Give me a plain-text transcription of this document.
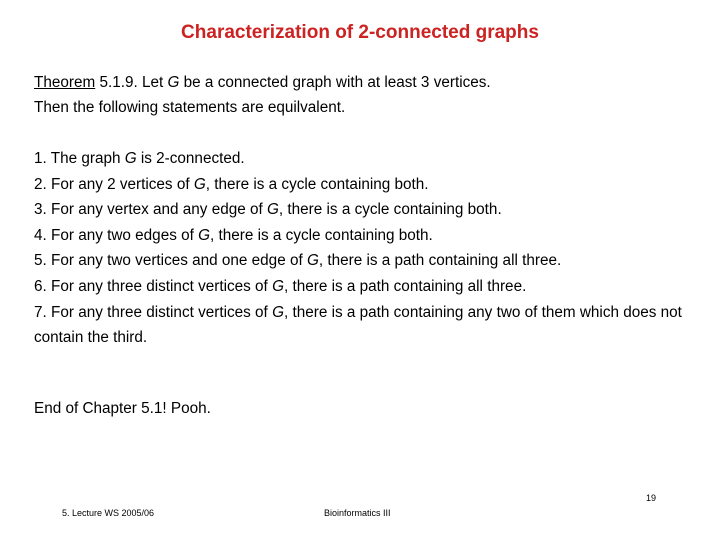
Characterization of 2-connected graphs
Theorem 5.1.9. Let G be a connected graph with at least 3 vertices.
Then the following statements are equilvalent.
1. The graph G is 2-connected.
2. For any 2 vertices of G, there is a cycle containing both.
3. For any vertex and any edge of G, there is a cycle containing both.
4. For any two edges of G, there is a cycle containing both.
5. For any two vertices and one edge of G, there is a path containing all three.
6. For any three distinct vertices of G, there is a path containing all three.
7. For any three distinct vertices of G, there is a path containing any two of them which does not contain the third.
End of Chapter 5.1! Pooh.
5. Lecture WS 2005/06	Bioinformatics III
19
